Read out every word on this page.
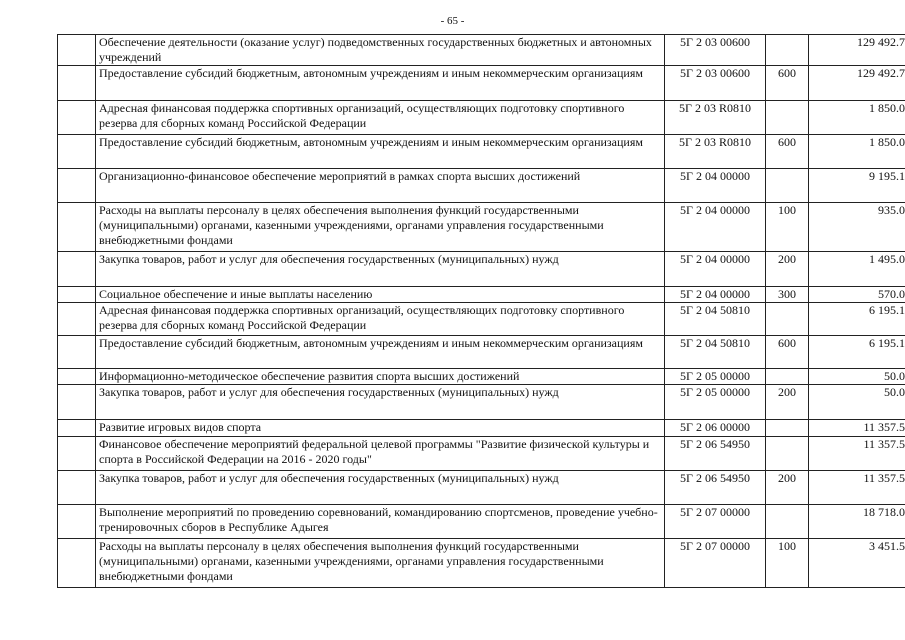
- 65 -
	Обеспечение деятельности (оказание услуг) подведомственных государственных бюджетных и автономных учреждений	5Г 2 03 00600		129 492.7
	Предоставление субсидий бюджетным, автономным учреждениям и иным некоммерческим организациям	5Г 2 03 00600	600	129 492.7
	Адресная финансовая поддержка спортивных организаций, осуществляющих подготовку спортивного резерва для сборных команд Российской Федерации	5Г 2 03 R0810		1 850.0
	Предоставление субсидий бюджетным, автономным учреждениям и иным некоммерческим организациям	5Г 2 03 R0810	600	1 850.0
	Организационно-финансовое обеспечение мероприятий в рамках спорта высших достижений	5Г 2 04 00000		9 195.1
	Расходы на выплаты персоналу в целях обеспечения выполнения функций государственными (муниципальными) органами, казенными учреждениями, органами управления государственными внебюджетными фондами	5Г 2 04 00000	100	935.0
	Закупка товаров, работ и услуг для обеспечения государственных (муниципальных) нужд	5Г 2 04 00000	200	1 495.0
	Социальное обеспечение и иные выплаты населению	5Г 2 04 00000	300	570.0
	Адресная финансовая поддержка спортивных организаций, осуществляющих подготовку спортивного резерва для сборных команд Российской Федерации	5Г 2 04 50810		6 195.1
	Предоставление субсидий бюджетным, автономным учреждениям и иным некоммерческим организациям	5Г 2 04 50810	600	6 195.1
	Информационно-методическое обеспечение развития спорта высших достижений	5Г 2 05 00000		50.0
	Закупка товаров, работ и услуг для обеспечения государственных (муниципальных) нужд	5Г 2 05 00000	200	50.0
	Развитие игровых видов спорта	5Г 2 06 00000		11 357.5
	Финансовое обеспечение мероприятий федеральной целевой программы "Развитие физической культуры и спорта в Российской Федерации на 2016 - 2020 годы"	5Г 2 06 54950		11 357.5
	Закупка товаров, работ и услуг для обеспечения государственных (муниципальных) нужд	5Г 2 06 54950	200	11 357.5
	Выполнение мероприятий по проведению соревнований, командированию спортсменов, проведение учебно-тренировочных сборов в Республике Адыгея	5Г 2 07 00000		18 718.0
	Расходы на выплаты персоналу в целях обеспечения выполнения функций государственными (муниципальными) органами, казенными учреждениями, органами управления государственными внебюджетными фондами	5Г 2 07 00000	100	3 451.5
